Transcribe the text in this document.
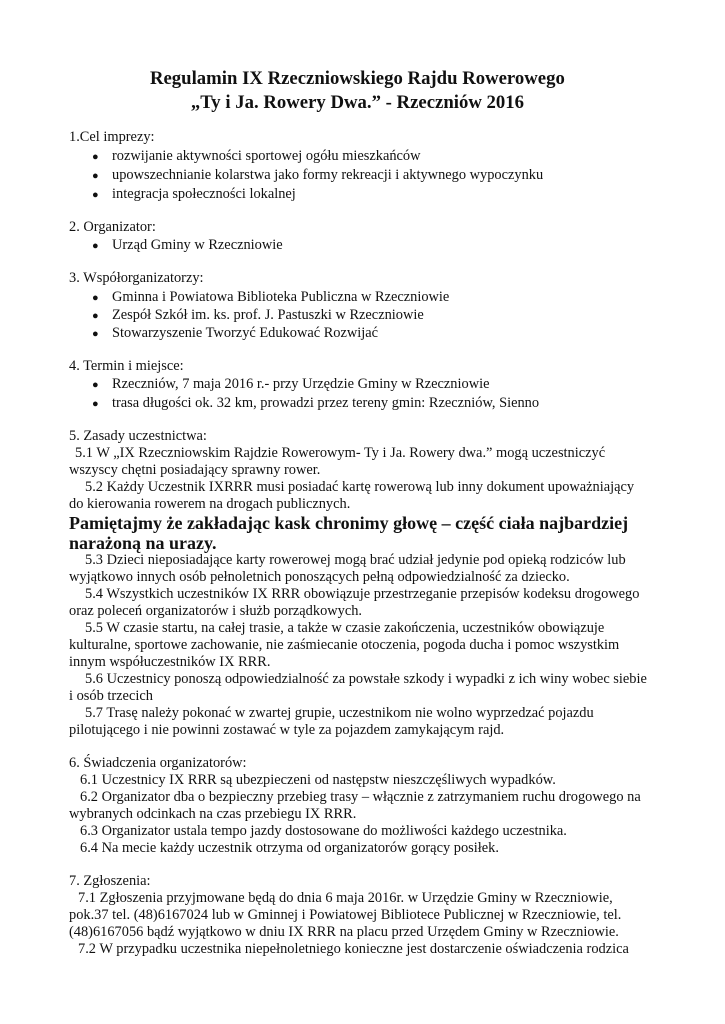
Regulamin IX Rzeczniowskiego Rajdu Rowerowego
„Ty i Ja. Rowery Dwa.” - Rzeczniów 2016
1.Cel imprezy:
● rozwijanie aktywności sportowej ogółu mieszkańców
● upowszechnianie kolarstwa jako formy rekreacji i aktywnego wypoczynku
● integracja społeczności lokalnej
2. Organizator:
● Urząd Gminy w Rzeczniowie
3. Współorganizatorzy:
● Gminna i Powiatowa Biblioteka Publiczna w Rzeczniowie
● Zespół Szkół im. ks. prof. J. Pastuszki w Rzeczniowie
● Stowarzyszenie Tworzyć Edukować Rozwijać
4. Termin i miejsce:
● Rzeczniów, 7 maja 2016 r.- przy Urzędzie Gminy w Rzeczniowie
● trasa długości ok. 32 km, prowadzi przez tereny gmin: Rzeczniów, Sienno
5. Zasady uczestnictwa:
5.1 W „IX Rzeczniowskim Rajdzie Rowerowym- Ty i Ja. Rowery dwa.” mogą uczestniczyć
wszyscy chętni posiadający sprawny rower.
5.2 Każdy Uczestnik IXRRR musi posiadać kartę rowerową lub inny dokument upoważniający
do kierowania rowerem na drogach publicznych.
Pamiętajmy że zakładając kask chronimy głowę – część ciała najbardziej
narażoną na urazy.
5.3 Dzieci nieposiadające karty rowerowej mogą brać udział jedynie pod opieką rodziców lub
wyjątkowo innych osób pełnoletnich ponoszących pełną odpowiedzialność za dziecko.
5.4 Wszystkich uczestników IX RRR obowiązuje przestrzeganie przepisów kodeksu drogowego
oraz poleceń organizatorów i służb porządkowych.
5.5 W czasie startu, na całej trasie, a także w czasie zakończenia, uczestników obowiązuje
kulturalne, sportowe zachowanie, nie zaśmiecanie otoczenia, pogoda ducha i pomoc wszystkim
innym współuczestników IX RRR.
5.6 Uczestnicy ponoszą odpowiedzialność za powstałe szkody i wypadki z ich winy wobec siebie
i osób trzecich
5.7 Trasę należy pokonać w zwartej grupie, uczestnikom nie wolno wyprzedzać pojazdu
pilotującego i nie powinni zostawać w tyle za pojazdem zamykającym rajd.
6. Świadczenia organizatorów:
6.1 Uczestnicy IX RRR są ubezpieczeni od następstw nieszczęśliwych wypadków.
6.2 Organizator dba o bezpieczny przebieg trasy – włącznie z zatrzymaniem ruchu drogowego na
wybranych odcinkach na czas przebiegu IX RRR.
6.3 Organizator ustala tempo jazdy dostosowane do możliwości każdego uczestnika.
6.4 Na mecie każdy uczestnik otrzyma od organizatorów gorący posiłek.
7. Zgłoszenia:
7.1 Zgłoszenia przyjmowane będą do dnia 6 maja 2016r. w Urzędzie Gminy w Rzeczniowie,
pok.37 tel. (48)6167024 lub w Gminnej i Powiatowej Bibliotece Publicznej w Rzeczniowie, tel.
(48)6167056 bądź wyjątkowo w dniu IX RRR na placu przed Urzędem Gminy w Rzeczniowie.
7.2 W przypadku uczestnika niepełnoletniego konieczne jest dostarczenie oświadczenia rodzica
